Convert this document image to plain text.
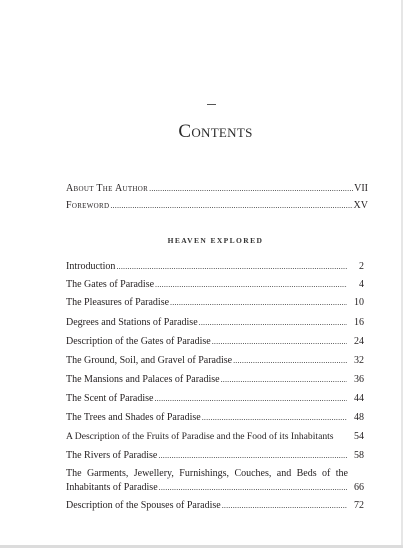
Contents
About The Author .....	VII
Foreword .....	XV
HEAVEN EXPLORED
Introduction .....	2
The Gates of Paradise .....	4
The Pleasures of Paradise .....	10
Degrees and Stations of Paradise .....	16
Description of the Gates of Paradise .....	24
The Ground, Soil, and Gravel of Paradise .....	32
The Mansions and Palaces of Paradise .....	36
The Scent of Paradise .....	44
The Trees and Shades of Paradise .....	48
A Description of the Fruits of Paradise and the Food of its Inhabitants	54
The Rivers of Paradise .....	58
The Garments, Jewellery, Furnishings, Couches, and Beds of the
Inhabitants of Paradise .....	66
Description of the Spouses of Paradise .....	72
